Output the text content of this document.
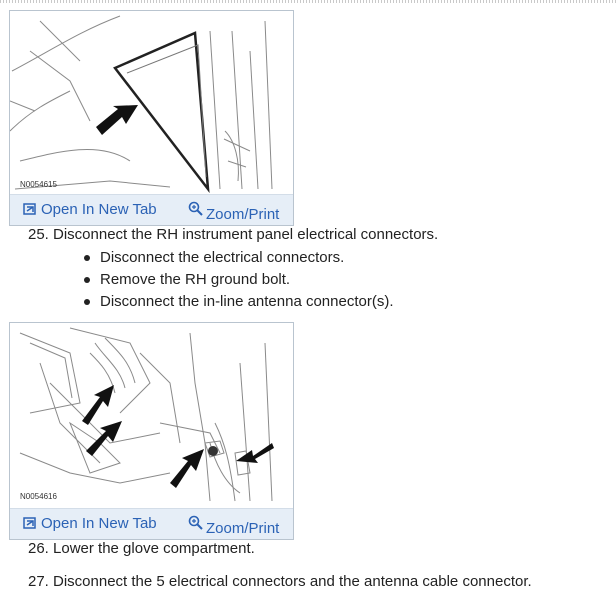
N0054615
Open In New Tab	Zoom/Print
25. Disconnect the RH instrument panel electrical connectors.
Disconnect the electrical connectors.
Remove the RH ground bolt.
Disconnect the in-line antenna connector(s).
N0054616
Open In New Tab	Zoom/Print
26. Lower the glove compartment.
27. Disconnect the 5 electrical connectors and the antenna cable connector.
